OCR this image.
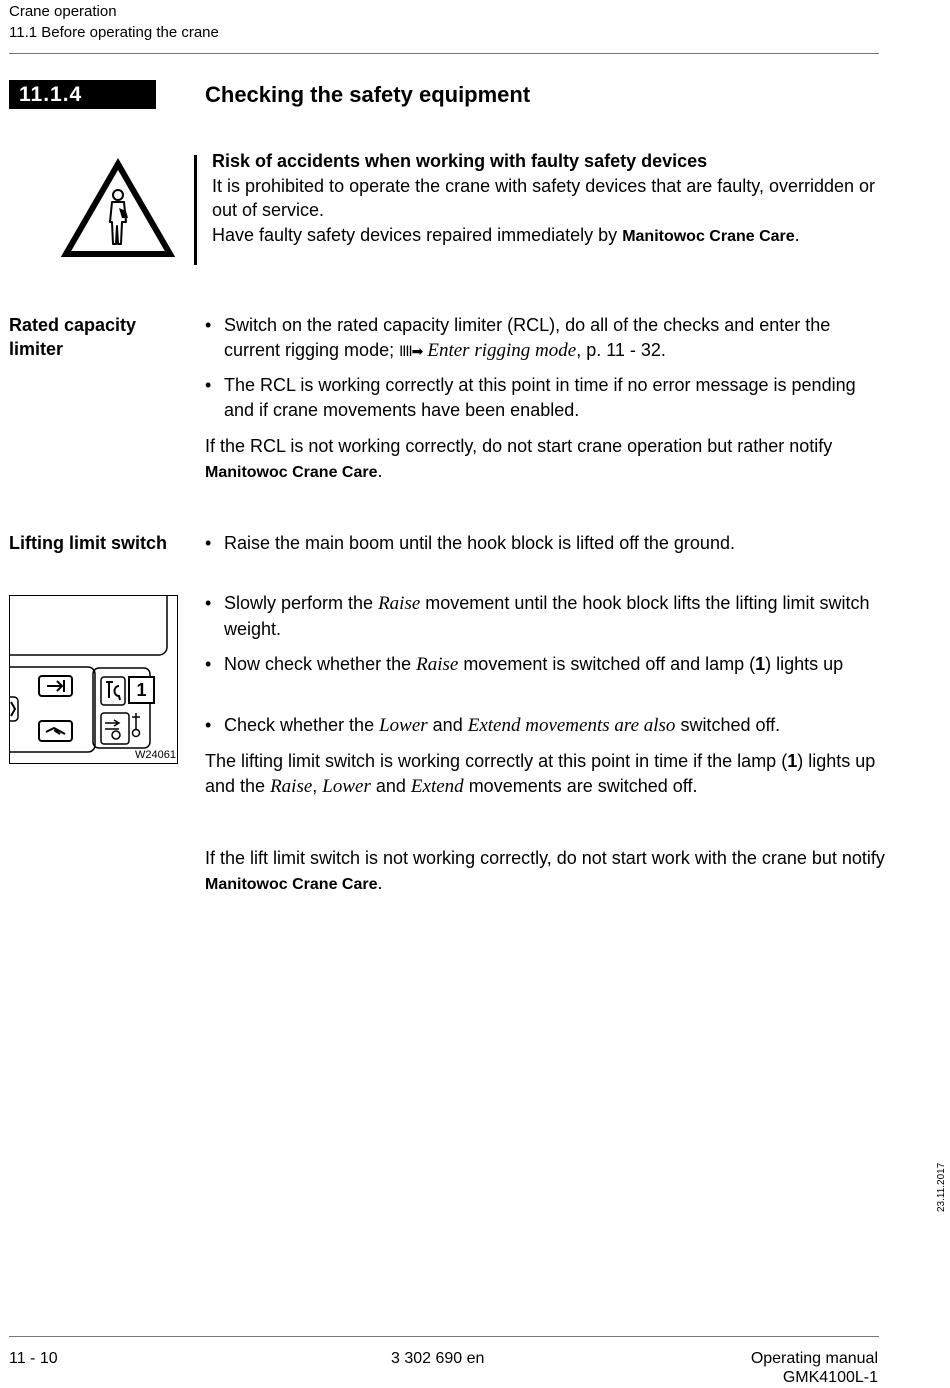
Crane operation
11.1 Before operating the crane
11.1.4	Checking the safety equipment
Risk of accidents when working with faulty safety devices
It is prohibited to operate the crane with safety devices that are faulty, overridden or out of service.
Have faulty safety devices repaired immediately by Manitowoc Crane Care.
Rated capacity limiter
• Switch on the rated capacity limiter (RCL), do all of the checks and enter the current rigging mode; IIII➡ Enter rigging mode, p. 11 - 32.
• The RCL is working correctly at this point in time if no error message is pending and if crane movements have been enabled.
If the RCL is not working correctly, do not start crane operation but rather notify Manitowoc Crane Care.
Lifting limit switch
•	Raise the main boom until the hook block is lifted off the ground.
1
W24061
• Slowly perform the Raise movement until the hook block lifts the lifting limit switch weight.
• Now check whether the Raise movement is switched off and lamp (1) lights up
• Check whether the Lower and Extend movements are also switched off.
The lifting limit switch is working correctly at this point in time if the lamp (1) lights up and the Raise, Lower and Extend movements are switched off.
If the lift limit switch is not working correctly, do not start work with the crane but notify Manitowoc Crane Care.
23.11.2017
11 - 10	3 302 690 en	Operating manual
GMK4100L-1
